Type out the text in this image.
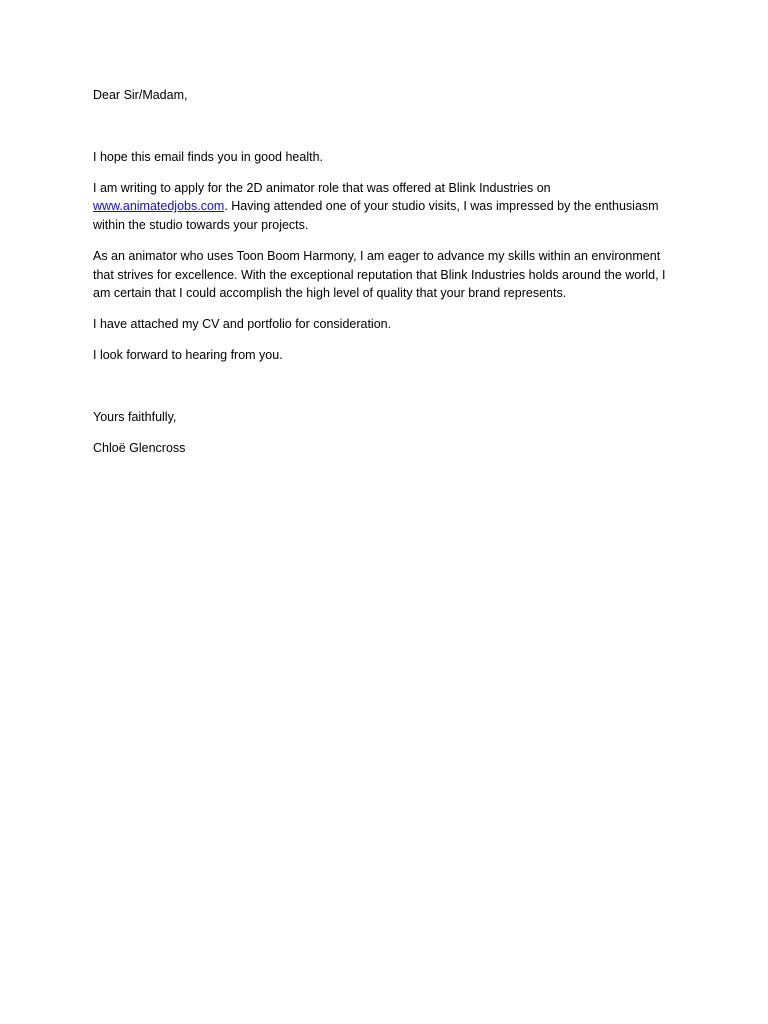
Dear Sir/Madam,

I hope this email finds you in good health.

I am writing to apply for the 2D animator role that was offered at Blink Industries on www.animatedjobs.com. Having attended one of your studio visits, I was impressed by the enthusiasm within the studio towards your projects.

As an animator who uses Toon Boom Harmony, I am eager to advance my skills within an environment that strives for excellence. With the exceptional reputation that Blink Industries holds around the world, I am certain that I could accomplish the high level of quality that your brand represents.

I have attached my CV and portfolio for consideration.

I look forward to hearing from you.

Yours faithfully,

Chloë Glencross
